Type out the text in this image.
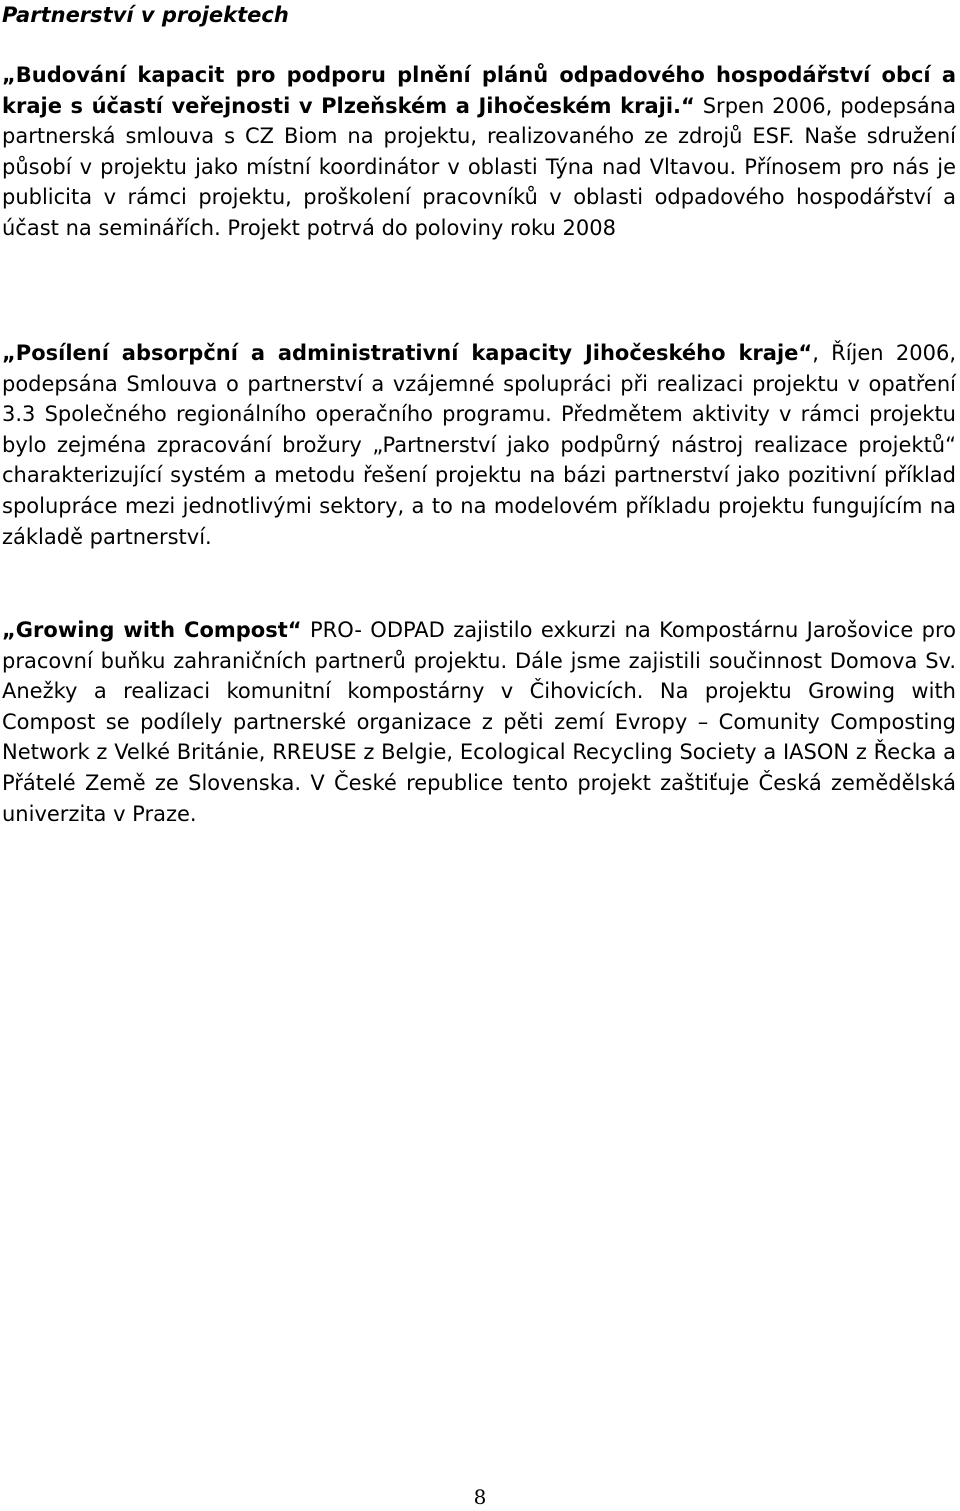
Partnerství v projektech

„Budování kapacit pro podporu plnění plánů odpadového hospodářství obcí a kraje s účastí veřejnosti v Plzeňském a Jihočeském kraji.“ Srpen 2006, podepsána partnerská smlouva s CZ Biom na projektu, realizovaného ze zdrojů ESF. Naše sdružení působí v projektu jako místní koordinátor v oblasti Týna nad Vltavou. Přínosem pro nás je publicita v rámci projektu, proškolení pracovníků v oblasti odpadového hospodářství a účast na seminářích. Projekt potrvá do poloviny roku 2008

„Posílení absorpční a administrativní kapacity Jihočeského kraje“, Říjen 2006, podepsána Smlouva o partnerství a vzájemné spolupráci při realizaci projektu v opatření 3.3 Společného regionálního operačního programu. Předmětem aktivity v rámci projektu bylo zejména zpracování brožury „Partnerství jako podpůrný nástroj realizace projektů“ charakterizující systém a metodu řešení projektu na bázi partnerství jako pozitivní příklad spolupráce mezi jednotlivými sektory, a to na modelovém příkladu projektu fungujícím na základě partnerství.

„Growing with Compost“ PRO- ODPAD zajistilo exkurzi na Kompostárnu Jarošovice pro pracovní buňku zahraničních partnerů projektu. Dále jsme zajistili součinnost Domova Sv. Anežky a realizaci komunitní kompostárny v Čihovicích. Na projektu Growing with Compost se podílely partnerské organizace z pěti zemí Evropy – Comunity Composting Network z Velké Británie, RREUSE z Belgie, Ecological Recycling Society a IASON z Řecka a Přátelé Země ze Slovenska. V České republice tento projekt zaštiťuje Česká zemědělská univerzita v Praze.

8
